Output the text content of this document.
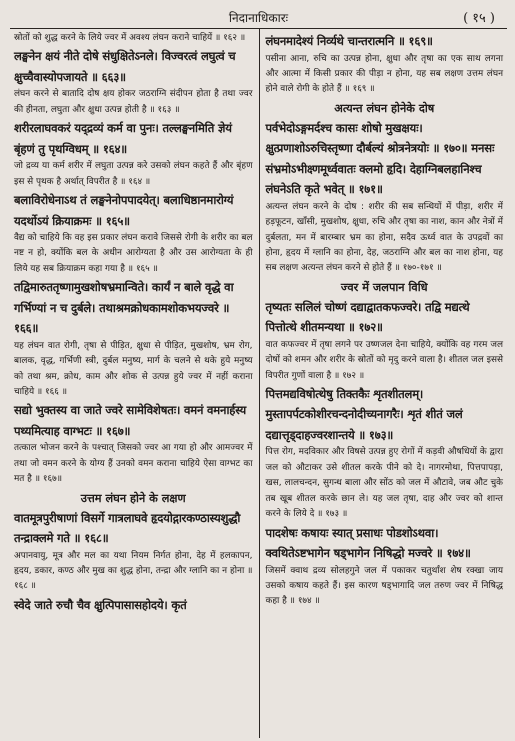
निदानाधिकारः	( १५ )

स्रोतों को शुद्ध करने के लिये ज्वर में अवश्य लंघन कराने चाहियें ॥ १६२ ॥

लङ्घनेन क्षयं नीते दोषे संधुक्षितेऽनले। विज्वरत्वं लघुत्वं च क्षुच्चैवास्योपजायते ॥ ६६३॥

लंघन करने से बातादि दोष क्षय होकर जठराग्नि संदीपन होता है तथा ज्वर की हीनता, लघुता और क्षुधा उत्पन्न होती है ॥ १६३ ॥

शरीरलाघवकरं यद्द्रव्यं कर्म वा पुनः। तल्लङ्घनमिति ज्ञेयं बृंहणं तु पृथग्विधम् ॥ १६४॥

जो द्रव्य या कर्म शरीर में लघुता उत्पन्न करे उसको लंघन कहते हैं और बृंहण इस से पृथक है अर्थात् विपरीत है ॥ १६४ ॥

बलाविरोधेनाऽथ तं लङ्घनेनोपपादयेत्। बलाधिष्ठानमारोग्यं यदर्थोऽयं क्रियाक्रमः ॥ १६५॥

वैद्य को चाहिये कि वह इस प्रकार लंघन करावे जिससे रोगी के शरीर का बल नष्ट न हो, क्योंकि बल के अधीन आरोग्यता है और उस आरोग्यता के ही लिये यह सब क्रियाक्रम कहा गया है ॥ १६५ ॥

तद्विमारुततृष्णामुखशोषभ्रमान्विते। कार्यं न बाले वृद्धे वा गर्भिण्यां न च दुर्बले। तथाश्रमक्रोधकामशोकभयज्वरे ॥ १६६॥

यह लंघन वात रोगी, तृषा से पीड़ित, क्षुधा से पीड़ित, मुखशोष, भ्रम रोग, बालक, वृद्ध, गर्भिणी स्त्री, दुर्बल मनुष्य, मार्ग के चलने से थके हुये मनुष्य को तथा श्रम, क्रोध, काम और शोक से उत्पन्न हुये ज्वर में नहीं कराना चाहिये ॥ १६६ ॥

सद्यो भुक्तस्य वा जाते ज्वरे सामेविशेषतः। वमनं वमनार्हस्य पथ्यमित्याह वाग्भटः ॥ १६७॥

तत्काल भोजन करने के पश्चात् जिसको ज्वर आ गया हो और आमज्वर में तथा जो वमन करने के योग्य हैं उनको वमन कराना चाहिये ऐसा वाग्भट का मत है ॥ १६७॥

उत्तम लंघन होने के लक्षण

वातमूत्रपुरीषाणां विसर्गे गात्रलाघवे हृदयोद्गारकण्ठास्यशुद्धौ तन्द्राक्लमे गते ॥ १६८॥

अपानवायु, मूत्र और मल का यथा नियम निर्गत होना, देह में हलकापन, हृदय, डकार, कण्ठ और मुख का शुद्ध होना, तन्द्रा और ग्लानि का न होना ॥ १६८ ॥

स्वेदे जाते रुचौ चैव क्षुत्पिपासासहोदये। कृतं

लंघनमादेश्यं निर्व्यथे चान्तरात्मनि ॥ १६९॥

पसीना आना, रुचि का उत्पन्न होना, क्षुधा और तृषा का एक साथ लगना और आत्मा में किसी प्रकार की पीड़ा न होना, यह सब लक्षण उत्तम लंघन होने वाले रोगी के होते हैं ॥ १६९ ॥

अत्यन्त लंघन होनेके दोष

पर्वभेदोऽङ्गमर्दश्च कासः शोषो मुखक्षयः। क्षुत्प्रणाशोऽरुचिस्तृष्णा दौर्बल्यं श्रोत्रनेत्रयोः ॥ १७०॥ मनसः संभ्रमोऽभीक्ष्णमूर्ध्ववातः क्लमो हृदि। देहाग्निबलहानिश्च लंघनेऽति कृते भवेत् ॥ १७१॥

अत्यन्त लंघन करने के दोष : शरीर की सब सन्धियों में पीड़ा, शरीर में हड़फूटन, खाँसी, मुखशोष, क्षुधा, रुचि और तृषा का नाश, कान और नेत्रों में दुर्बलता, मन में बारम्बार भ्रम का होना, सदैव ऊर्ध्व वात के उपद्रवों का होना, हृदय में ग्लानि का होना, देह, जठराग्नि और बल का नाश होना, यह सब लक्षण अत्यन्त लंघन करने से होते हैं ॥ १७०-१७१ ॥

ज्वर में जलपान विधि

तृष्यतः सलिलं चोष्णं दद्याद्वातकफज्वरे। तद्वि मद्यत्थे पित्तोत्थे शीतमन्यथा ॥ १७२॥

वात कफज्वर में तृषा लगने पर उष्णजल देना चाहिये, क्योंकि वह गरम जल दोषों को शमन और शरीर के स्रोतों को मृदु करने वाला है। शीतल जल इससे विपरीत गुणों वाला है ॥ १७२ ॥

पित्तमद्यविषोत्थेषु तिक्तकैः शृतशीतलम्। मुस्तापर्पटकोशीरचन्दनोदीच्यनागरैः। शृतं शीतं जलं दद्यात्तृड्दाहज्वरशान्तये ॥ १७३॥

पित्त रोग, मदविकार और विषसे उत्पन्न हुए रोगों में कड़वी औषधियों के द्वारा जल को औटाकर उसे शीतल करके पीने को दे। नागरमोथा, पित्तपापड़ा, खस, लालचन्दन, सुगन्ध बाला और सोंठ को जल में औटावे, जब औट चुके तब खूब शीतल करके छान ले। यह जल तृषा, दाह और ज्वर को शान्त करने के लिये दे ॥ १७३ ॥

पादशेषः कषायः स्यात् प्रसाधः पोडशोऽथवा। क्वथितेऽष्टभागेन षड्भागेन निषिद्धो मज्वरे ॥ १७४॥

जिसमें क्वाथ द्रव्य सोलहगुने जल में पकाकर चतुर्थांश शेष रक्खा जाय उसको कषाय कहते हैं। इस कारण षड्भागादि जल तरुण ज्वर में निषिद्ध कहा है ॥ १७४ ॥
